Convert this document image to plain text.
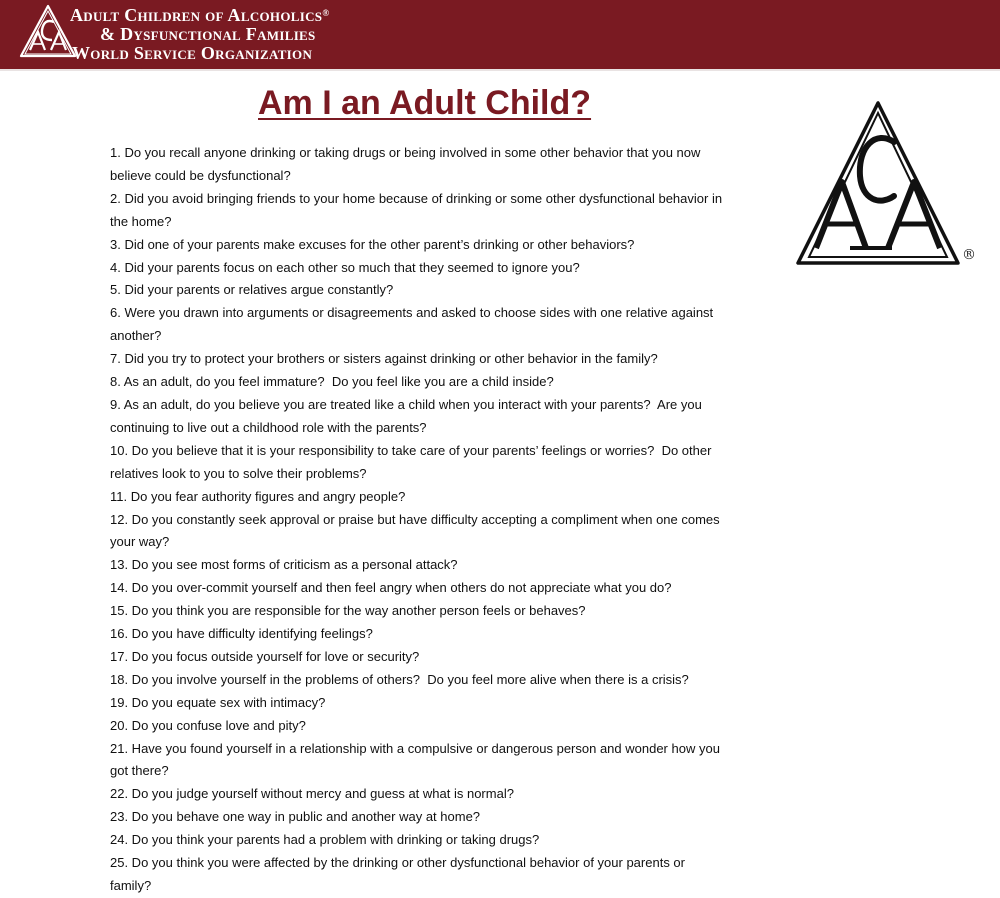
Adult Children of Alcoholics®
& Dysfunctional Families
World Service Organization
Am I an Adult Child?
®
1. Do you recall anyone drinking or taking drugs or being involved in some other behavior that you now believe could be dysfunctional?
2. Did you avoid bringing friends to your home because of drinking or some other dysfunctional behavior in the home?
3. Did one of your parents make excuses for the other parent’s drinking or other behaviors?
4. Did your parents focus on each other so much that they seemed to ignore you?
5. Did your parents or relatives argue constantly?
6. Were you drawn into arguments or disagreements and asked to choose sides with one relative against another?
7. Did you try to protect your brothers or sisters against drinking or other behavior in the family?
8. As an adult, do you feel immature?  Do you feel like you are a child inside?
9. As an adult, do you believe you are treated like a child when you interact with your parents?  Are you continuing to live out a childhood role with the parents?
10. Do you believe that it is your responsibility to take care of your parents’ feelings or worries?  Do other relatives look to you to solve their problems?
11. Do you fear authority figures and angry people?
12. Do you constantly seek approval or praise but have difficulty accepting a compliment when one comes your way?
13. Do you see most forms of criticism as a personal attack?
14. Do you over-commit yourself and then feel angry when others do not appreciate what you do?
15. Do you think you are responsible for the way another person feels or behaves?
16. Do you have difficulty identifying feelings?
17. Do you focus outside yourself for love or security?
18. Do you involve yourself in the problems of others?  Do you feel more alive when there is a crisis?
19. Do you equate sex with intimacy?
20. Do you confuse love and pity?
21. Have you found yourself in a relationship with a compulsive or dangerous person and wonder how you got there?
22. Do you judge yourself without mercy and guess at what is normal?
23. Do you behave one way in public and another way at home?
24. Do you think your parents had a problem with drinking or taking drugs?
25. Do you think you were affected by the drinking or other dysfunctional behavior of your parents or family?
